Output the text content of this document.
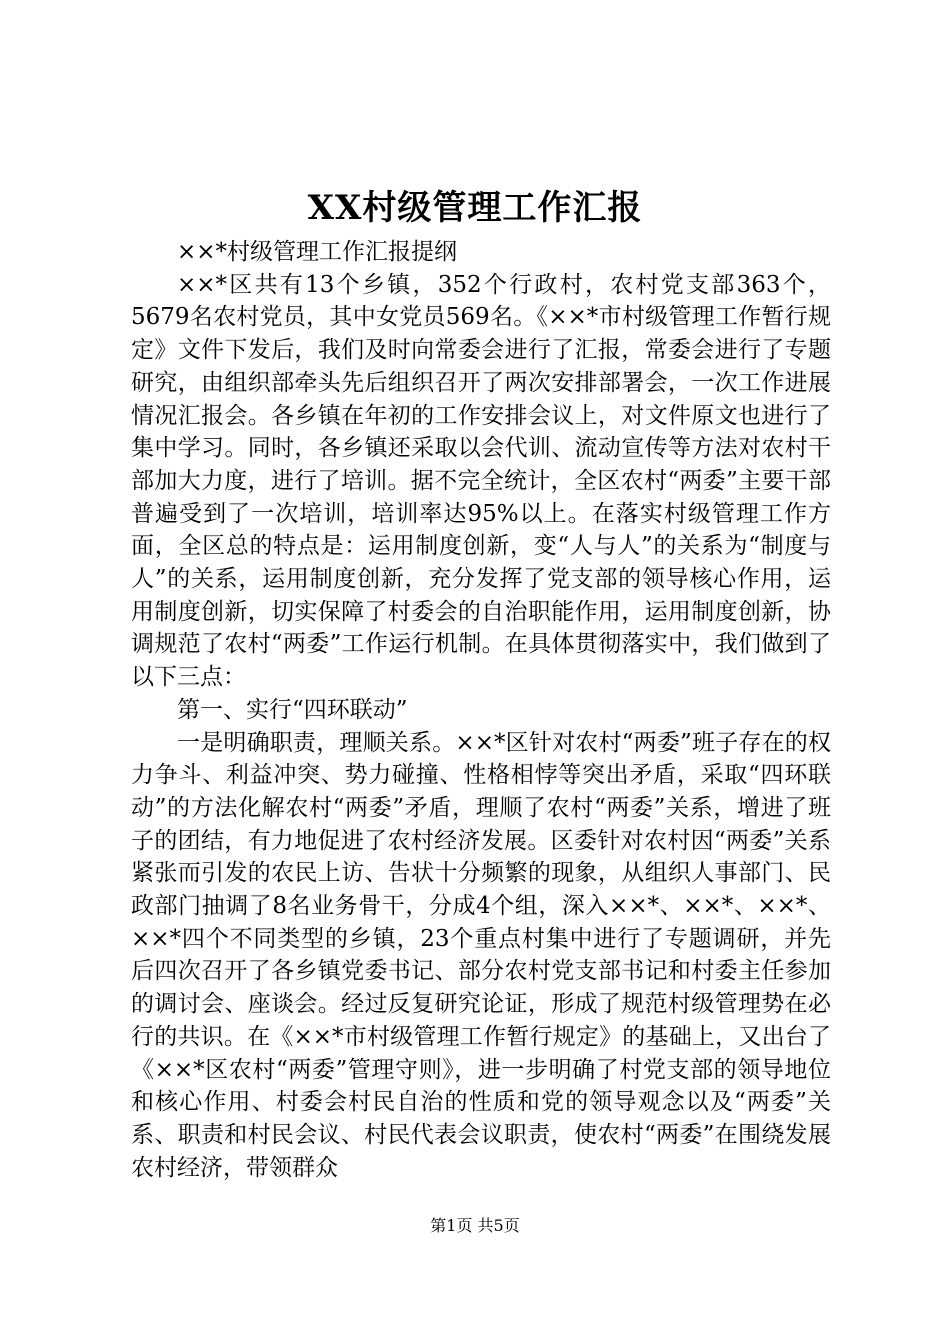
XX村级管理工作汇报

××*村级管理工作汇报提纲

××*区共有13个乡镇，352个行政村，农村党支部363个，5679名农村党员，其中女党员569名。《××*市村级管理工作暂行规定》文件下发后，我们及时向常委会进行了汇报，常委会进行了专题研究，由组织部牵头先后组织召开了两次安排部署会，一次工作进展情况汇报会。各乡镇在年初的工作安排会议上，对文件原文也进行了集中学习。同时，各乡镇还采取以会代训、流动宣传等方法对农村干部加大力度，进行了培训。据不完全统计，全区农村“两委”主要干部普遍受到了一次培训，培训率达95%以上。在落实村级管理工作方面，全区总的特点是：运用制度创新，变“人与人”的关系为“制度与人”的关系，运用制度创新，充分发挥了党支部的领导核心作用，运用制度创新，切实保障了村委会的自治职能作用，运用制度创新，协调规范了农村“两委”工作运行机制。在具体贯彻落实中，我们做到了以下三点：

第一、实行“四环联动”

一是明确职责，理顺关系。××*区针对农村“两委”班子存在的权力争斗、利益冲突、势力碰撞、性格相悖等突出矛盾，采取“四环联动”的方法化解农村“两委”矛盾，理顺了农村“两委”关系，增进了班子的团结，有力地促进了农村经济发展。区委针对农村因“两委”关系紧张而引发的农民上访、告状十分频繁的现象，从组织人事部门、民政部门抽调了8名业务骨干，分成4个组，深入××*、××*、××*、××*四个不同类型的乡镇，23个重点村集中进行了专题调研，并先后四次召开了各乡镇党委书记、部分农村党支部书记和村委主任参加的调讨会、座谈会。经过反复研究论证，形成了规范村级管理势在必行的共识。在《××*市村级管理工作暂行规定》的基础上，又出台了《××*区农村“两委”管理守则》，进一步明确了村党支部的领导地位和核心作用、村委会村民自治的性质和党的领导观念以及“两委”关系、职责和村民会议、村民代表会议职责，使农村“两委”在围绕发展农村经济，带领群众

第1页 共5页
